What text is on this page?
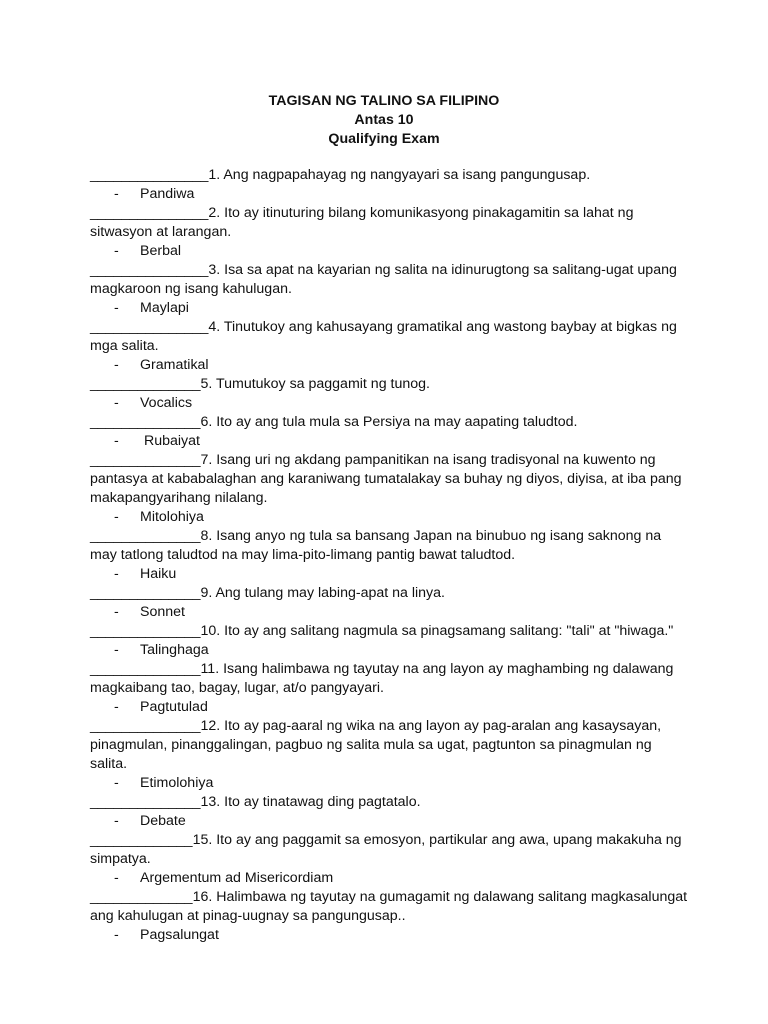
TAGISAN NG TALINO SA FILIPINO
Antas 10
Qualifying Exam

_______________1. Ang nagpapahayag ng nangyayari sa isang pangungusap.

-	Pandiwa

_______________2. Ito ay itinuturing bilang komunikasyong pinakagamitin sa lahat ng sitwasyon at larangan.

-	Berbal

_______________3. Isa sa apat na kayarian ng salita na idinurugtong sa salitang-ugat upang magkaroon ng isang kahulugan.

-	Maylapi

_______________4. Tinutukoy ang kahusayang gramatikal ang wastong baybay at bigkas ng mga salita.

-	Gramatikal

______________5. Tumutukoy sa paggamit ng tunog.

-	Vocalics

______________6. Ito ay ang tula mula sa Persiya na may aapating taludtod.

-	Rubaiyat

______________7. Isang uri ng akdang pampanitikan na isang tradisyonal na kuwento ng pantasya at kababalaghan ang karaniwang tumatalakay sa buhay ng diyos, diyisa, at iba pang makapangyarihang nilalang.

-	Mitolohiya

______________8. Isang anyo ng tula sa bansang Japan na binubuo ng isang saknong na may tatlong taludtod na may lima-pito-limang pantig bawat taludtod.

-	Haiku

______________9. Ang tulang may labing-apat na linya.

-	Sonnet

______________10. Ito ay ang salitang nagmula sa pinagsamang salitang: "tali" at "hiwaga."

-	Talinghaga

______________11. Isang halimbawa ng tayutay na ang layon ay maghambing ng dalawang magkaibang tao, bagay, lugar, at/o pangyayari.

-	Pagtutulad

______________12. Ito ay pag-aaral ng wika na ang layon ay pag-aralan ang kasaysayan, pinagmulan, pinanggalingan, pagbuo ng salita mula sa ugat, pagtunton sa pinagmulan ng salita.

-	Etimolohiya

______________13. Ito ay tinatawag ding pagtatalo.

-	Debate

_____________15. Ito ay ang paggamit sa emosyon, partikular ang awa, upang makakuha ng simpatya.

-	Argementum ad Misericordiam

_____________16. Halimbawa ng tayutay na gumagamit ng dalawang salitang magkasalungat ang kahulugan at pinag-uugnay sa pangungusap..

-	Pagsalungat
